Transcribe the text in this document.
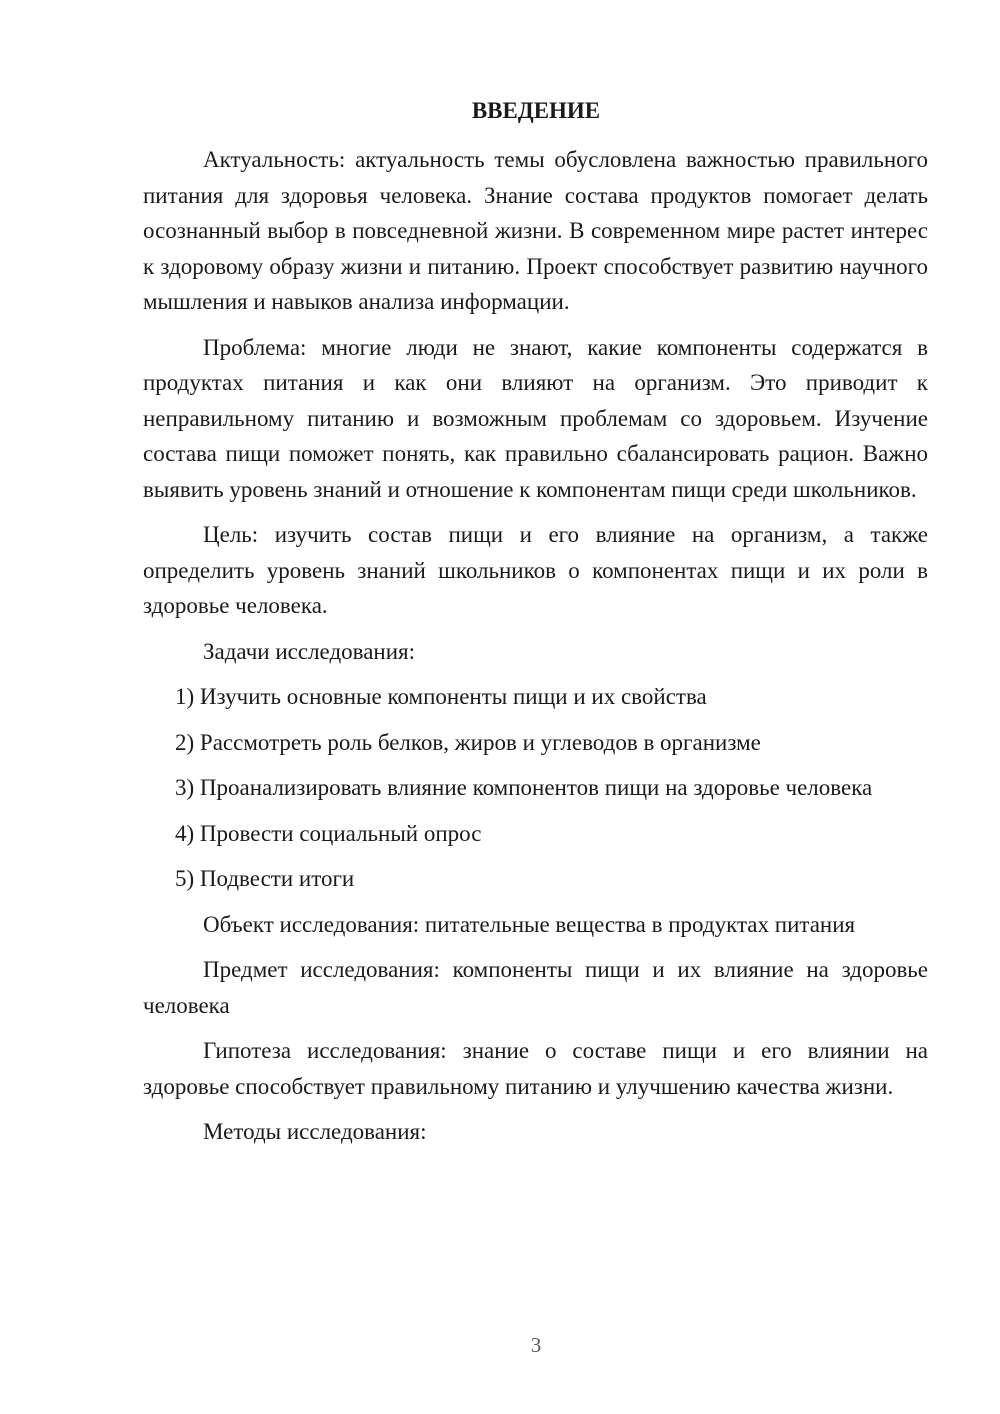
ВВЕДЕНИЕ

Актуальность: актуальность темы обусловлена важностью правильного питания для здоровья человека. Знание состава продуктов помогает делать осознанный выбор в повседневной жизни. В современном мире растет интерес к здоровому образу жизни и питанию. Проект способствует развитию научного мышления и навыков анализа информации.

Проблема: многие люди не знают, какие компоненты содержатся в продуктах питания и как они влияют на организм. Это приводит к неправильному питанию и возможным проблемам со здоровьем. Изучение состава пищи поможет понять, как правильно сбалансировать рацион. Важно выявить уровень знаний и отношение к компонентам пищи среди школьников.

Цель: изучить состав пищи и его влияние на организм, а также определить уровень знаний школьников о компонентах пищи и их роли в здоровье человека.

Задачи исследования:

1) Изучить основные компоненты пищи и их свойства

2) Рассмотреть роль белков, жиров и углеводов в организме

3) Проанализировать влияние компонентов пищи на здоровье человека

4) Провести социальный опрос

5) Подвести итоги

Объект исследования: питательные вещества в продуктах питания

Предмет исследования: компоненты пищи и их влияние на здоровье человека

Гипотеза исследования: знание о составе пищи и его влиянии на здоровье способствует правильному питанию и улучшению качества жизни.

Методы исследования:

3
